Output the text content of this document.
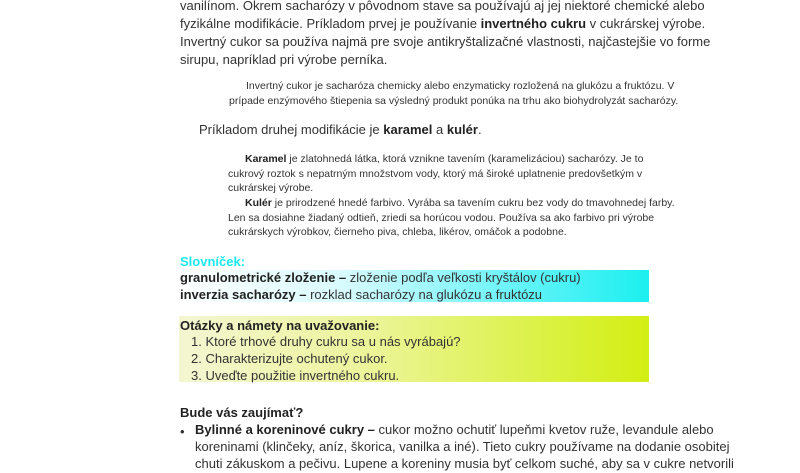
vanilínom. Okrem sacharózy v pôvodnom stave sa používajú aj jej niektoré chemické alebo
fyzikálne modifikácie. Príkladom prvej je používanie invertného cukru v cukrárskej výrobe.
Invertný cukor sa používa najmä pre svoje antikryštalizačné vlastnosti, najčastejšie vo forme
sirupu, napríklad pri výrobe perníka.
Invertný cukor je sacharóza chemicky alebo enzymaticky rozložená na glukózu a fruktózu. V
prípade enzýmového štiepenia sa výsledný produkt ponúka na trhu ako biohydrolyzát sacharózy.
Príkladom druhej modifikácie je karamel a kulér.
Karamel je zlatohnedá látka, ktorá vznikne tavením (karamelizáciou) sacharózy. Je to
cukrový roztok s nepatrným množstvom vody, ktorý má široké uplatnenie predovšetkým v
cukrárskej výrobe.
Kulér je prirodzené hnedé farbivo. Vyrába sa tavením cukru bez vody do tmavohnedej farby.
Len sa dosiahne žiadaný odtieň, zriedi sa horúcou vodou. Používa sa ako farbivo pri výrobe
cukrárskych výrobkov, čierneho piva, chleba, likérov, omáčok a podobne.
Slovníček:
granulometrické zloženie – zloženie podľa veľkosti kryštálov (cukru)
inverzia sacharózy – rozklad sacharózy na glukózu a fruktózu
Otázky a námety na uvažovanie:
1. Ktoré trhové druhy cukru sa u nás vyrábajú?
2. Charakterizujte ochutený cukor.
3. Uveďte použitie invertného cukru.
Bude vás zaujímať?
• Bylinné a koreninové cukry – cukor možno ochutiť lupeňmi kvetov ruže, levandule alebo
koreninami (klinčeky, aníz, škorica, vanilka a iné). Tieto cukry používame na dodanie osobitej
chuti zákuskom a pečivu. Lupene a koreniny musia byť celkom suché, aby sa v cukre netvorili
